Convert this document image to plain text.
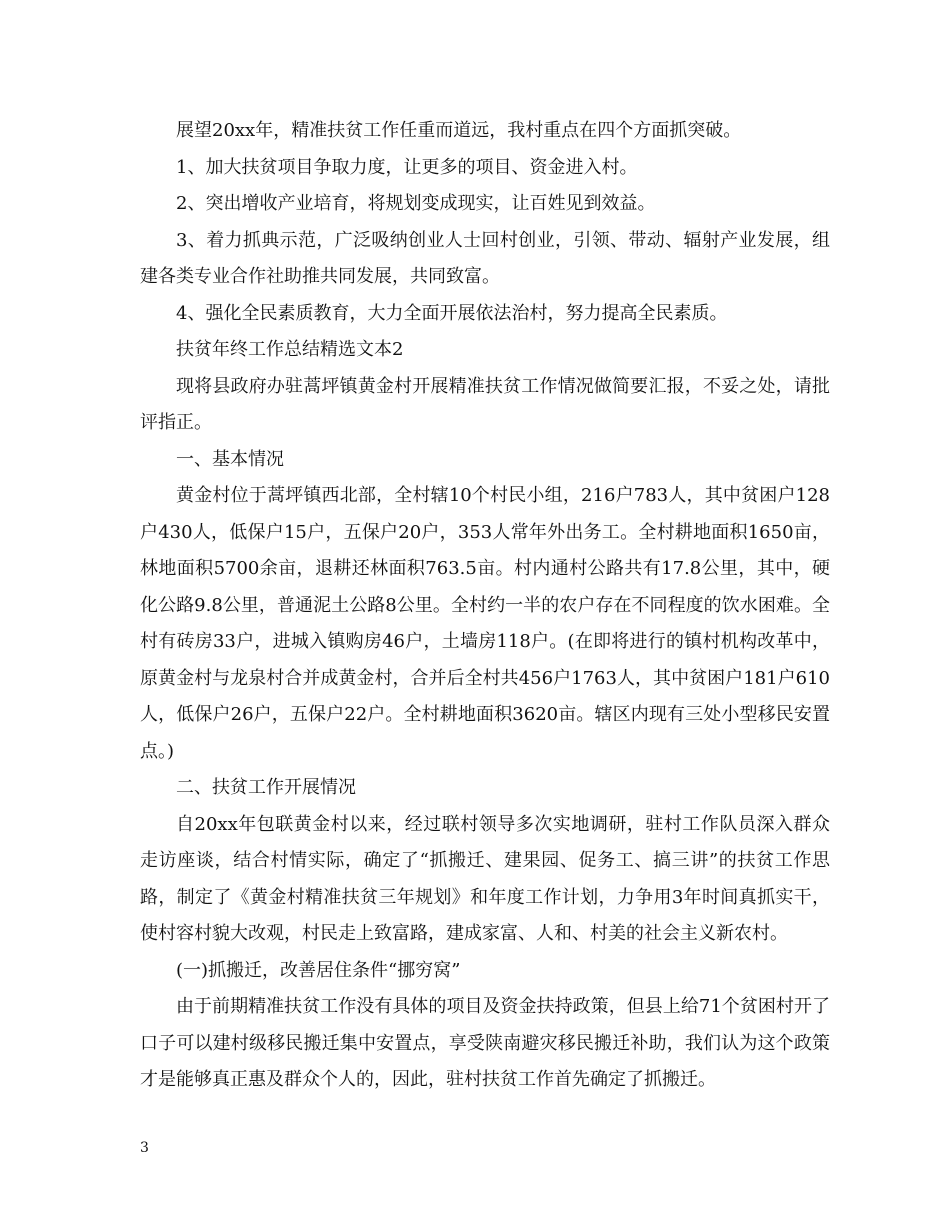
展望20xx年，精准扶贫工作任重而道远，我村重点在四个方面抓突破。

1、加大扶贫项目争取力度，让更多的项目、资金进入村。

2、突出增收产业培育，将规划变成现实，让百姓见到效益。

3、着力抓典示范，广泛吸纳创业人士回村创业，引领、带动、辐射产业发展，组建各类专业合作社助推共同发展，共同致富。

4、强化全民素质教育，大力全面开展依法治村，努力提高全民素质。

扶贫年终工作总结精选文本2

现将县政府办驻蒿坪镇黄金村开展精准扶贫工作情况做简要汇报，不妥之处，请批评指正。

一、基本情况

黄金村位于蒿坪镇西北部，全村辖10个村民小组，216户783人，其中贫困户128户430人，低保户15户，五保户20户，353人常年外出务工。全村耕地面积1650亩，林地面积5700余亩，退耕还林面积763.5亩。村内通村公路共有17.8公里，其中，硬化公路9.8公里，普通泥土公路8公里。全村约一半的农户存在不同程度的饮水困难。全村有砖房33户，进城入镇购房46户，土墙房118户。(在即将进行的镇村机构改革中，原黄金村与龙泉村合并成黄金村，合并后全村共456户1763人，其中贫困户181户610人，低保户26户，五保户22户。全村耕地面积3620亩。辖区内现有三处小型移民安置点。)

二、扶贫工作开展情况

自20xx年包联黄金村以来，经过联村领导多次实地调研，驻村工作队员深入群众走访座谈，结合村情实际，确定了“抓搬迁、建果园、促务工、搞三讲”的扶贫工作思路，制定了《黄金村精准扶贫三年规划》和年度工作计划，力争用3年时间真抓实干，使村容村貌大改观，村民走上致富路，建成家富、人和、村美的社会主义新农村。

(一)抓搬迁，改善居住条件“挪穷窝”

由于前期精准扶贫工作没有具体的项目及资金扶持政策，但县上给71个贫困村开了口子可以建村级移民搬迁集中安置点，享受陕南避灾移民搬迁补助，我们认为这个政策才是能够真正惠及群众个人的，因此，驻村扶贫工作首先确定了抓搬迁。

3
